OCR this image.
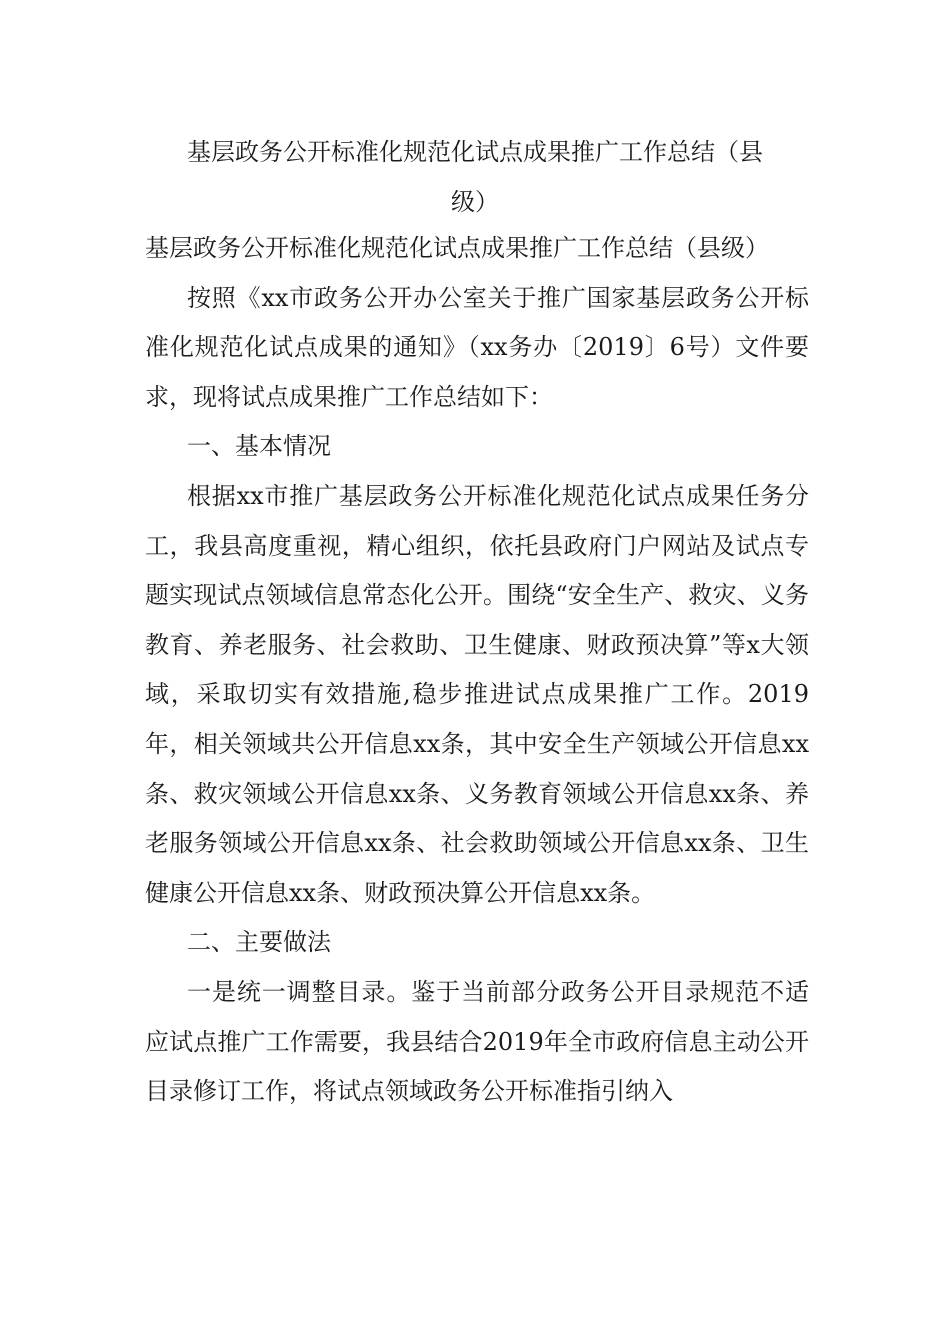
基层政务公开标准化规范化试点成果推广工作总结（县
级）

基层政务公开标准化规范化试点成果推广工作总结（县级）

按照《xx市政务公开办公室关于推广国家基层政务公开标准化规范化试点成果的通知》（xx务办〔2019〕6号）文件要求，现将试点成果推广工作总结如下：

一、基本情况

根据xx市推广基层政务公开标准化规范化试点成果任务分工，我县高度重视，精心组织，依托县政府门户网站及试点专题实现试点领域信息常态化公开。围绕“安全生产、救灾、义务教育、养老服务、社会救助、卫生健康、财政预决算”等x大领域，采取切实有效措施,稳步推进试点成果推广工作。2019年，相关领域共公开信息xx条，其中安全生产领域公开信息xx条、救灾领域公开信息xx条、义务教育领域公开信息xx条、养老服务领域公开信息xx条、社会救助领域公开信息xx条、卫生健康公开信息xx条、财政预决算公开信息xx条。

二、主要做法

一是统一调整目录。鉴于当前部分政务公开目录规范不适应试点推广工作需要，我县结合2019年全市政府信息主动公开目录修订工作，将试点领域政务公开标准指引纳入
